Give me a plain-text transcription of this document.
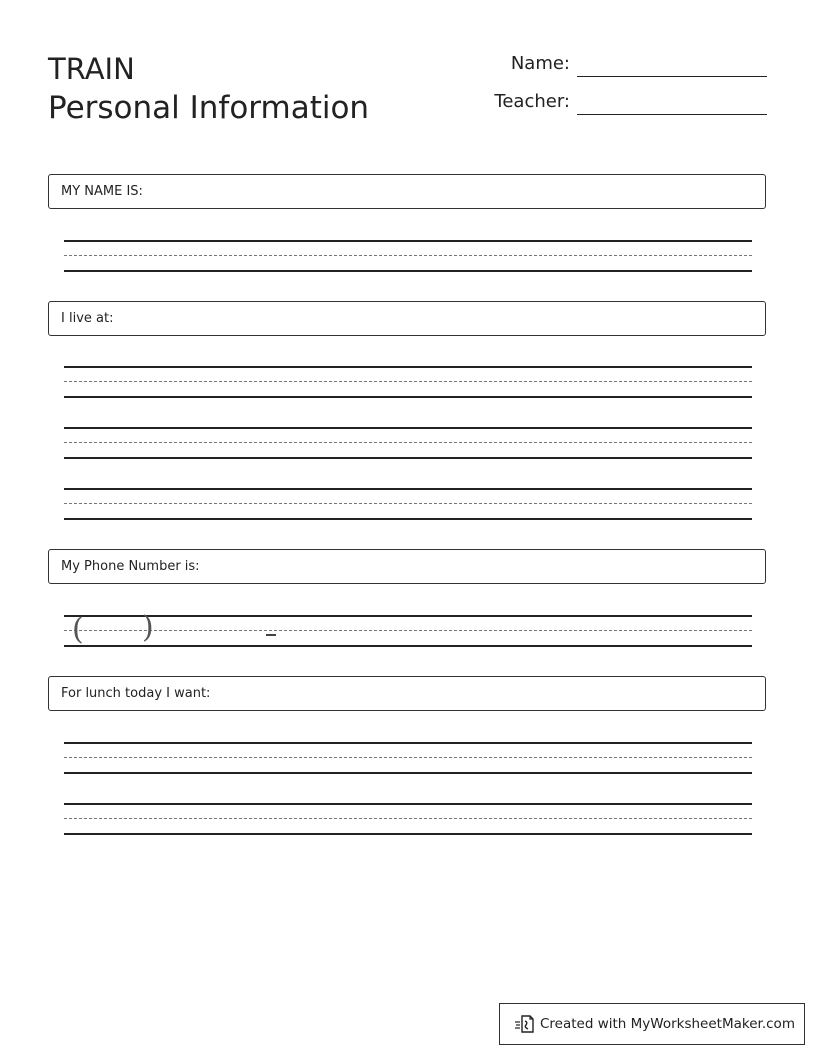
TRAIN
Personal Information
Name:
Teacher:
MY NAME IS:
I live at:
My Phone Number is:
( )
For lunch today I want:
Created with MyWorksheetMaker.com
